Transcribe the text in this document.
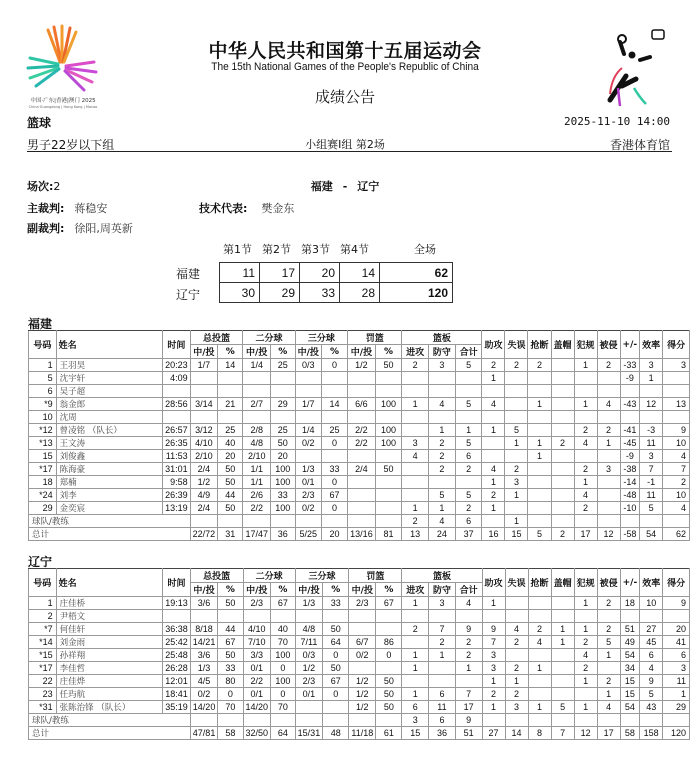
中国·广东|香港|澳门 2025
China·Guangdong | Hong Kong | Macao
中华人民共和国第十五届运动会
The 15th National Games of the People's Republic of China
成绩公告
篮球	2025-11-10 14:00
男子22岁以下组	小组赛I组 第2场	香港体育馆
场次:2	福建 - 辽宁
主裁判: 蒋稳安	技术代表: 樊金东
副裁判: 徐阳,周英新
第1节 第2节 第3节 第4节	全场
福建
辽宁
11	17	20	14	62
30	29	33	28	120
福建
号码	姓名	时间	总投篮		二分球		三分球		罚篮		篮板			助攻	失误	抢断	盖帽	犯规	被侵	+/-	效率	得分
			中/投	%	中/投	%	中/投	%	中/投	%	进攻	防守	合计									
1	王羽昊	20:23	1/7	14	1/4	25	0/3	0	1/2	50	2	3	5	2	2	2		1	2	-33	3	3
5	沈宇轩	4:09												1						-9	1	
6	吴子超																					
*9	翁金郎	28:56	3/14	21	2/7	29	1/7	14	6/6	100	1	4	5	4		1		1	4	-43	12	13
10	沈周																					
*12	曾凌铭 （队长）	26:57	3/12	25	2/8	25	1/4	25	2/2	100		1	1	1	5			2	2	-41	-3	9
*13	王文涛	26:35	4/10	40	4/8	50	0/2	0	2/2	100	3	2	5		1	1	2	4	1	-45	11	10
15	刘俊鑫	11:53	2/10	20	2/10	20					4	2	6			1				-9	3	4
*17	陈海豪	31:01	2/4	50	1/1	100	1/3	33	2/4	50		2	2	4	2			2	3	-38	7	7
18	郑楠	9:58	1/2	50	1/1	100	0/1	0						1	3			1		-14	-1	2
*24	刘李	26:39	4/9	44	2/6	33	2/3	67				5	5	2	1			4		-48	11	10
29	金奕宸	13:19	2/4	50	2/2	100	0/2	0			1	1	2	1				2		-10	5	4
球队/教练											2	4	6		1							
总计			22/72	31	17/47	36	5/25	20	13/16	81	13	24	37	16	15	5	2	17	12	-58	54	62
辽宁
号码	姓名	时间	总投篮		二分球		三分球		罚篮		篮板			助攻	失误	抢断	盖帽	犯规	被侵	+/-	效率	得分
			中/投	%	中/投	%	中/投	%	中/投	%	进攻	防守	合计									
1	庄佳桥	19:13	3/6	50	2/3	67	1/3	33	2/3	67	1	3	4	1				1	2	18	10	9
2	尹梧文																					
*7	何佳轩	36:38	8/18	44	4/10	40	4/8	50			2	7	9	9	4	2	1	1	2	51	27	20
*14	刘金雨	25:42	14/21	67	7/10	70	7/11	64	6/7	86		2	2	7	2	4	1	2	5	49	45	41
*15	孙祥翔	25:48	3/6	50	3/3	100	0/3	0	0/2	0	1	1	2	3				4	1	54	6	6
*17	李佳哲	26:28	1/3	33	0/1	0	1/2	50			1		1	3	2	1		2		34	4	3
22	庄佳烨	12:01	4/5	80	2/2	100	2/3	67	1/2	50				1	1			1	2	15	9	11
23	任玙航	18:41	0/2	0	0/1	0	0/1	0	1/2	50	1	6	7	2	2				1	15	5	1
*31	张陈治锋 （队长）	35:19	14/20	70	14/20	70			1/2	50	6	11	17	1	3	1	5	1	4	54	43	29
球队/教练											3	6	9									
总计			47/81	58	32/50	64	15/31	48	11/18	61	15	36	51	27	14	8	7	12	17	58	158	120
